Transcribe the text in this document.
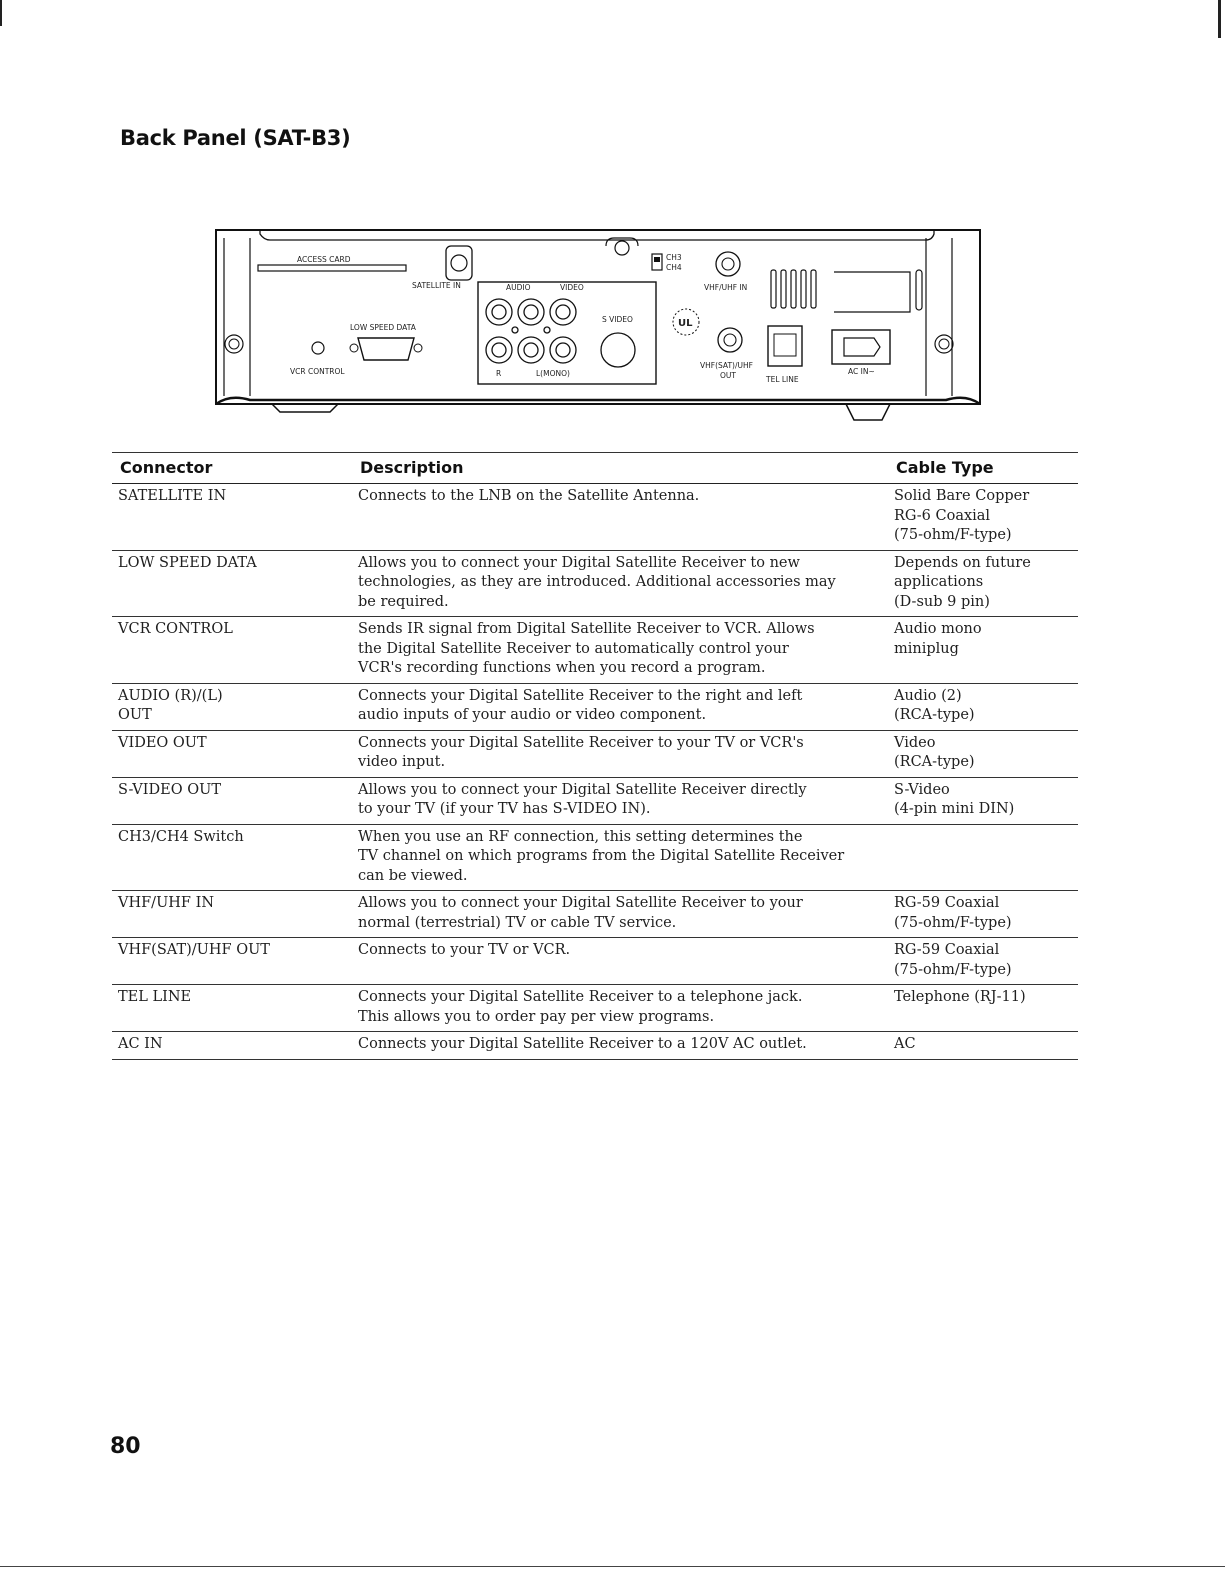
Back Panel (SAT-B3)
ACCESS CARD
SATELLITE IN
LOW SPEED DATA
VCR CONTROL
AUDIO	VIDEO
S VIDEO
R	L(MONO)
CH3
CH4
VHF/UHF IN
UL
VHF(SAT)/UHF
OUT	TEL LINE
AC IN~
Connector	Description	Cable Type

SATELLITE IN	Connects to the LNB on the Satellite Antenna.	Solid Bare Copper
RG-6 Coaxial
(75-ohm/F-type)

LOW SPEED DATA	Allows you to connect your Digital Satellite Receiver to new
technologies, as they are introduced. Additional accessories may
be required.	Depends on future
applications
(D-sub 9 pin)

VCR CONTROL	Sends IR signal from Digital Satellite Receiver to VCR. Allows
the Digital Satellite Receiver to automatically control your
VCR's recording functions when you record a program.	Audio mono
miniplug

AUDIO (R)/(L)
OUT	Connects your Digital Satellite Receiver to the right and left
audio inputs of your audio or video component.	Audio (2)
(RCA-type)

VIDEO OUT	Connects your Digital Satellite Receiver to your TV or VCR's
video input.	Video
(RCA-type)

S-VIDEO OUT	Allows you to connect your Digital Satellite Receiver directly
to your TV (if your TV has S-VIDEO IN).	S-Video
(4-pin mini DIN)

CH3/CH4 Switch	When you use an RF connection, this setting determines the
TV channel on which programs from the Digital Satellite Receiver
can be viewed.	

VHF/UHF IN	Allows you to connect your Digital Satellite Receiver to your
normal (terrestrial) TV or cable TV service.	RG-59 Coaxial
(75-ohm/F-type)

VHF(SAT)/UHF OUT	Connects to your TV or VCR.	RG-59 Coaxial
(75-ohm/F-type)

TEL LINE	Connects your Digital Satellite Receiver to a telephone jack.
This allows you to order pay per view programs.	Telephone (RJ-11)

AC IN	Connects your Digital Satellite Receiver to a 120V AC outlet.	AC
80
